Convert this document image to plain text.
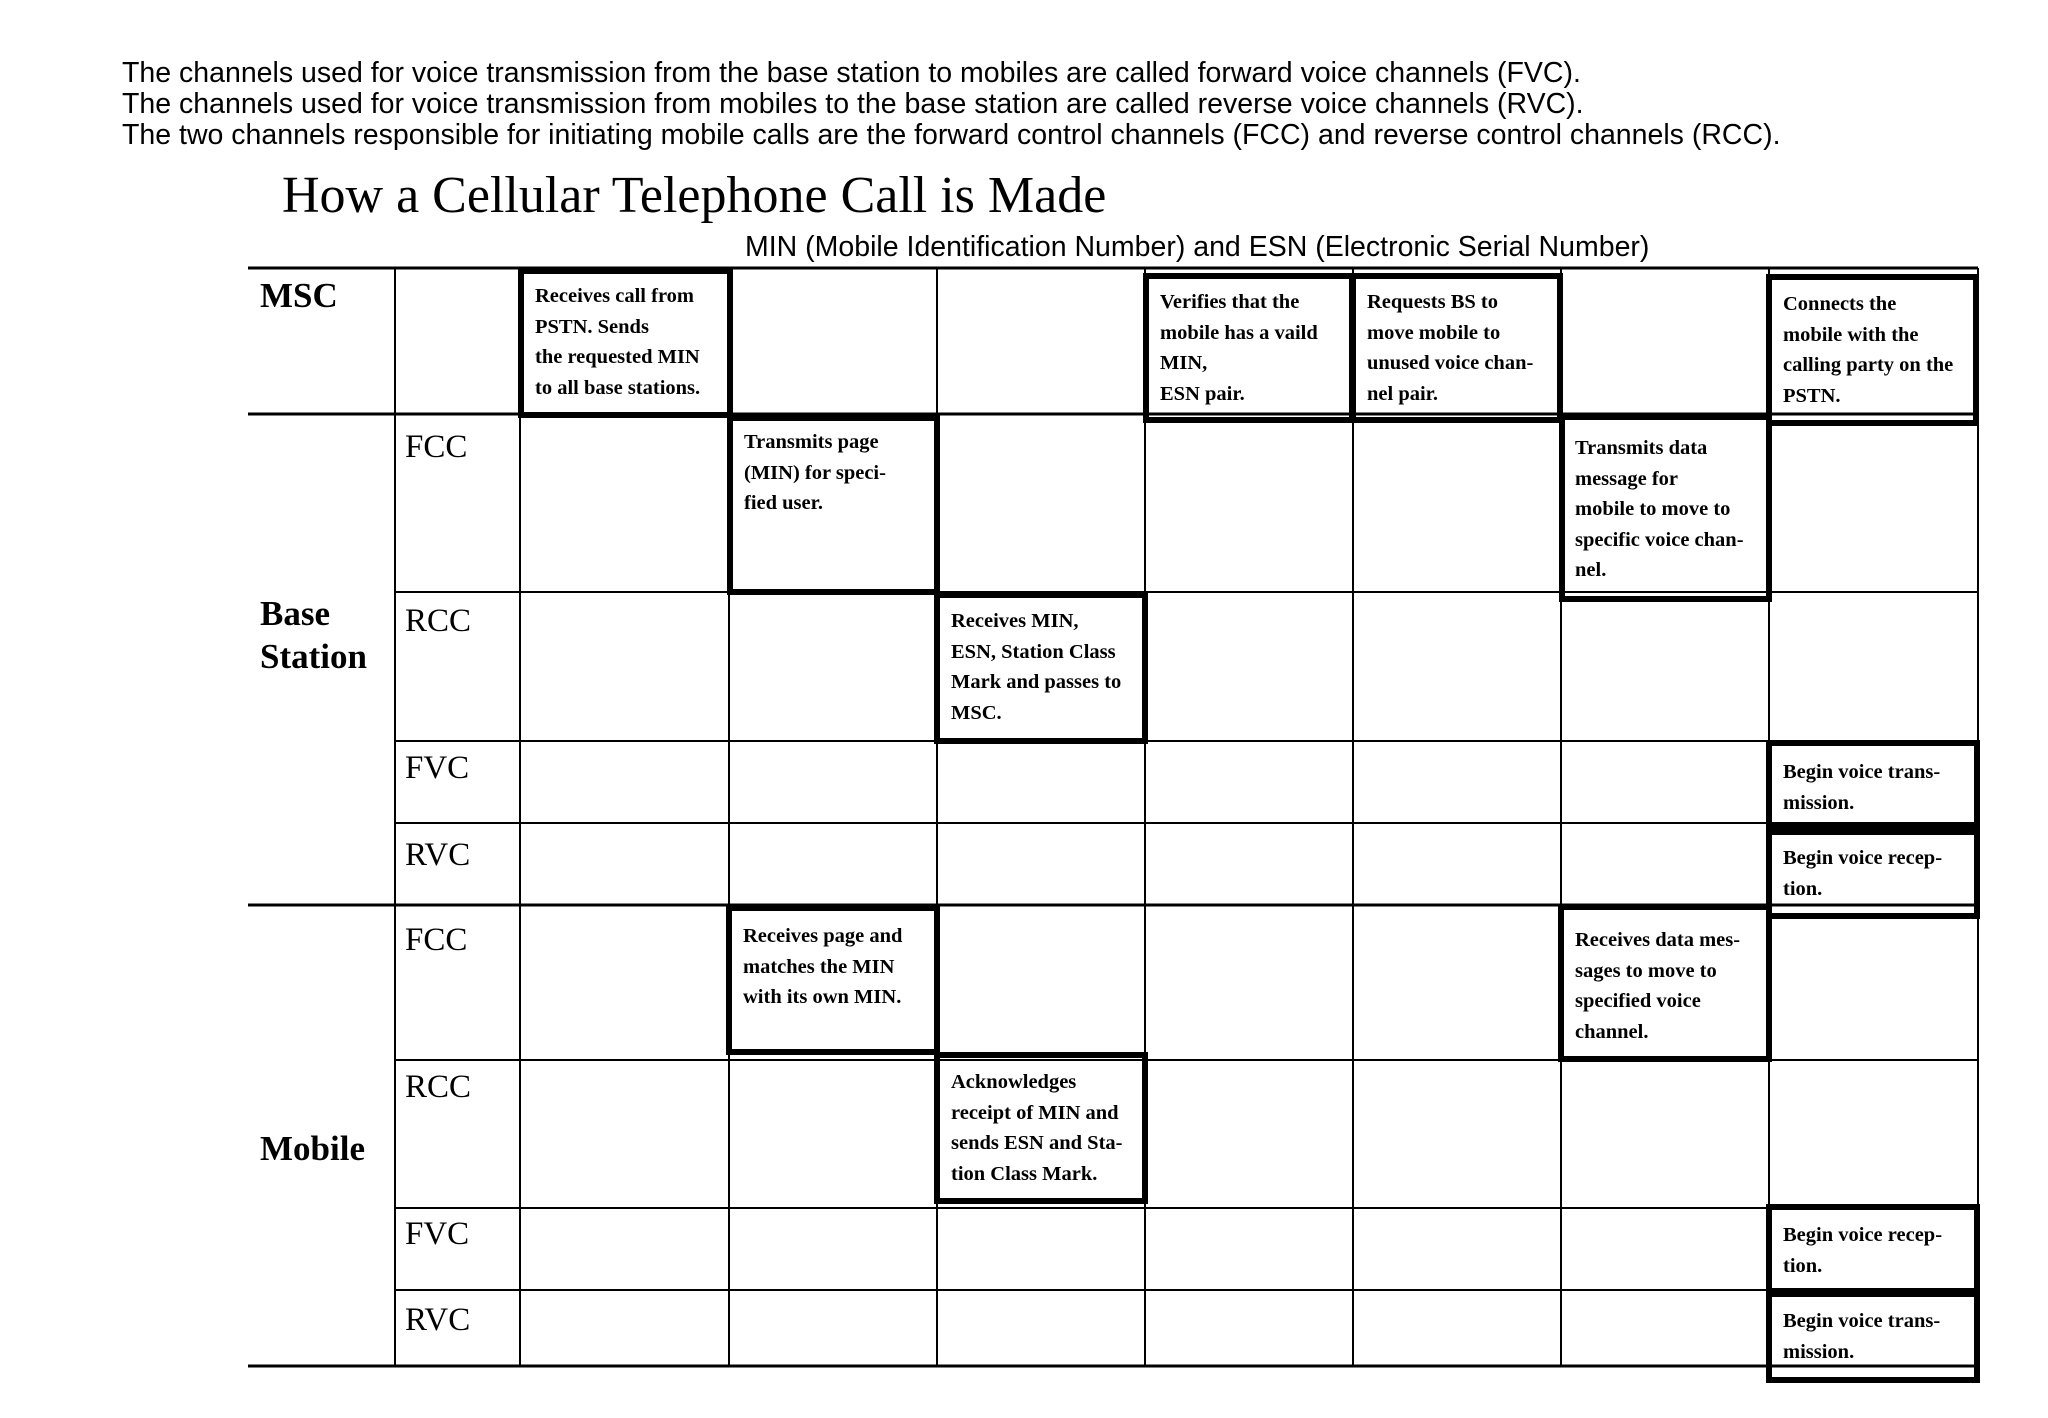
The channels used for voice transmission from the base station to mobiles are called forward voice channels (FVC).
The channels used for voice transmission from mobiles to the base station are called reverse voice channels (RVC).
The two channels responsible for initiating mobile calls are the forward control channels (FCC) and reverse control channels (RCC).
How a Cellular Telephone Call is Made
MIN (Mobile Identification Number) and ESN (Electronic Serial Number)
MSC
Base
Station
Mobile
FCC
RCC
FVC
RVC
FCC
RCC
FVC
RVC
Receives call from
PSTN. Sends
the requested MIN
to all base stations.
Transmits page
(MIN) for speci-
fied user.
Receives page and
matches the MIN
with its own MIN.
Acknowledges
receipt of MIN and
sends ESN and Sta-
tion Class Mark.
Receives MIN,
ESN, Station Class
Mark and passes to
MSC.
Verifies that the
mobile has a vaild
MIN,
ESN pair.
Requests BS to
move mobile to
unused voice chan-
nel pair.
Transmits data
message for
mobile to move to
specific voice chan-
nel.
Receives data mes-
sages to move to
specified voice
channel.
Connects the
mobile with the
calling party on the
PSTN.
Begin voice trans-
mission.
Begin voice recep-
tion.
Begin voice recep-
tion.
Begin voice trans-
mission.
